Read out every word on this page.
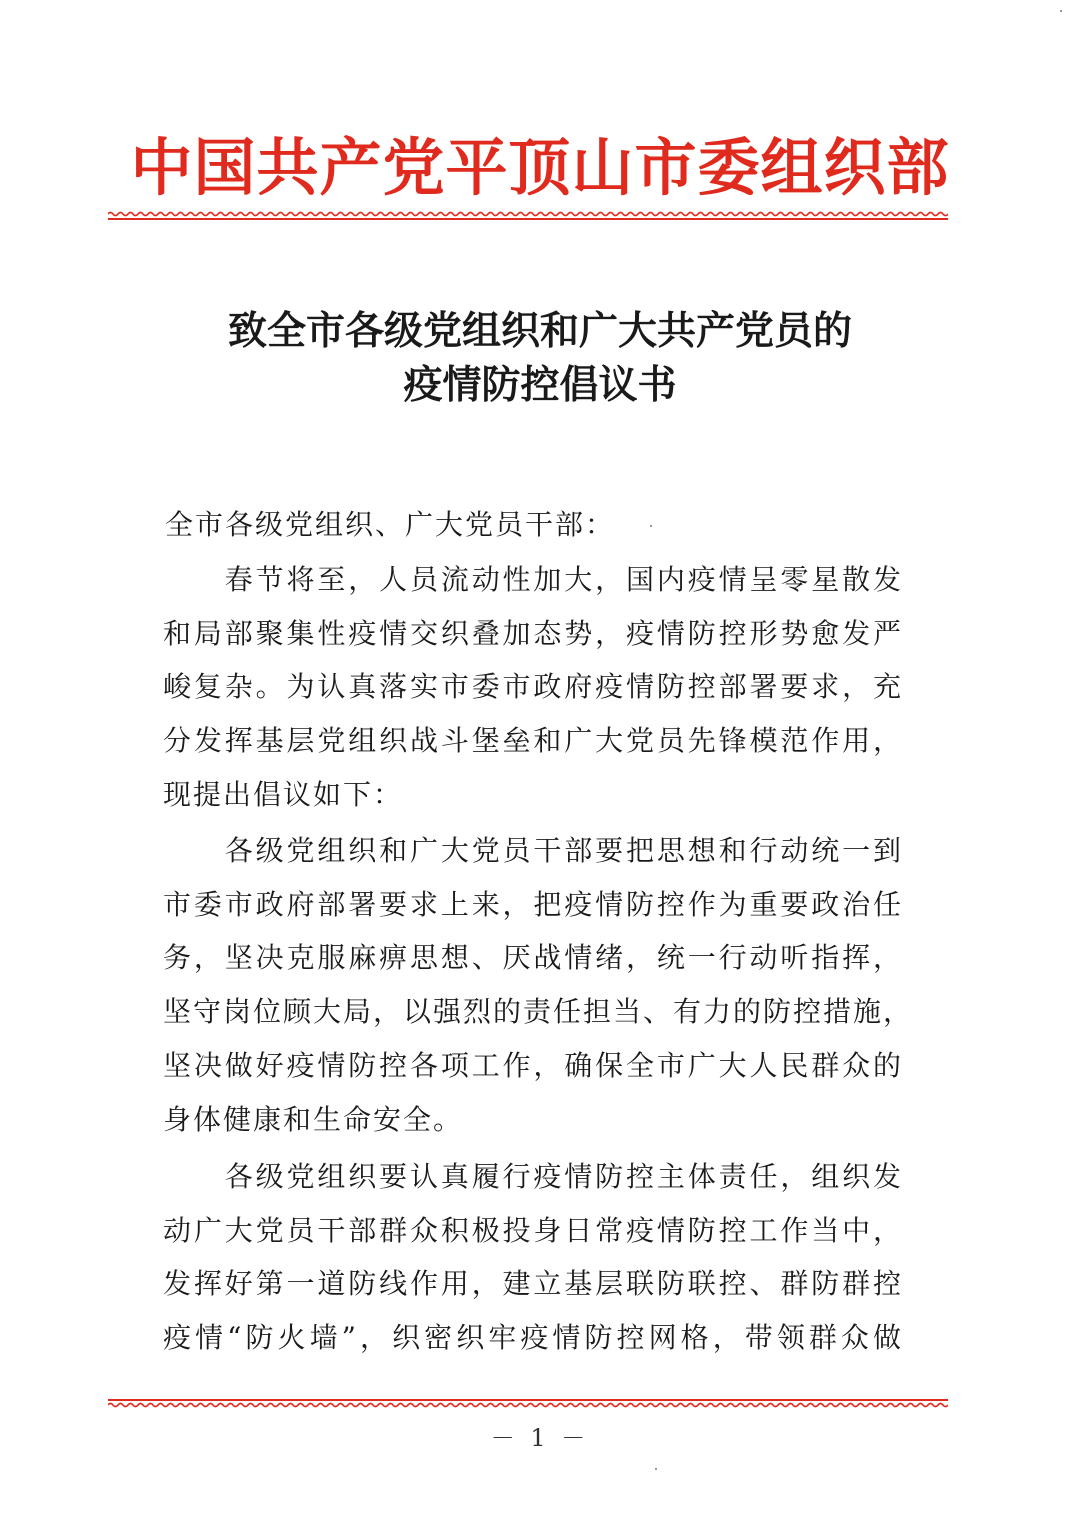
中国共产党平顶山市委组织部
致全市各级党组织和广大共产党员的
疫情防控倡议书
全市各级党组织、广大党员干部：
　　春节将至，人员流动性加大，国内疫情呈零星散发
和局部聚集性疫情交织叠加态势，疫情防控形势愈发严
峻复杂。为认真落实市委市政府疫情防控部署要求，充
分发挥基层党组织战斗堡垒和广大党员先锋模范作用，
现提出倡议如下：
　　各级党组织和广大党员干部要把思想和行动统一到
市委市政府部署要求上来，把疫情防控作为重要政治任
务，坚决克服麻痹思想、厌战情绪，统一行动听指挥，
坚守岗位顾大局，以强烈的责任担当、有力的防控措施，
坚决做好疫情防控各项工作，确保全市广大人民群众的
身体健康和生命安全。
　　各级党组织要认真履行疫情防控主体责任，组织发
动广大党员干部群众积极投身日常疫情防控工作当中，
发挥好第一道防线作用，建立基层联防联控、群防群控
疫情“防火墙”，织密织牢疫情防控网格，带领群众做
－ 1 －
